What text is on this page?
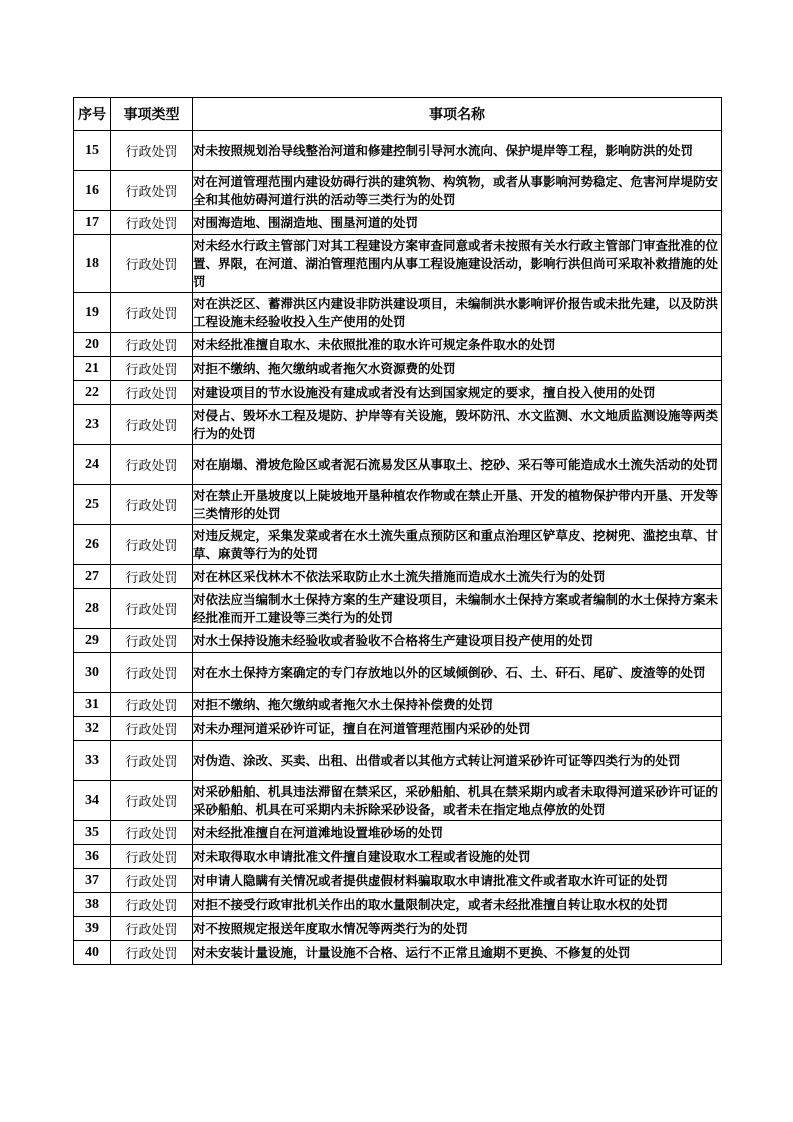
序号	事项类型	事项名称
15	行政处罚	对未按照规划治导线整治河道和修建控制引导河水流向、保护堤岸等工程，影响防洪的处罚
16	行政处罚	对在河道管理范围内建设妨碍行洪的建筑物、构筑物，或者从事影响河势稳定、危害河岸堤防安全和其他妨碍河道行洪的活动等三类行为的处罚
17	行政处罚	对围海造地、围湖造地、围垦河道的处罚
18	行政处罚	对未经水行政主管部门对其工程建设方案审查同意或者未按照有关水行政主管部门审查批准的位置、界限，在河道、湖泊管理范围内从事工程设施建设活动，影响行洪但尚可采取补救措施的处罚
19	行政处罚	对在洪泛区、蓄滞洪区内建设非防洪建设项目，未编制洪水影响评价报告或未批先建，以及防洪工程设施未经验收投入生产使用的处罚
20	行政处罚	对未经批准擅自取水、未依照批准的取水许可规定条件取水的处罚
21	行政处罚	对拒不缴纳、拖欠缴纳或者拖欠水资源费的处罚
22	行政处罚	对建设项目的节水设施没有建成或者没有达到国家规定的要求，擅自投入使用的处罚
23	行政处罚	对侵占、毁坏水工程及堤防、护岸等有关设施，毁坏防汛、水文监测、水文地质监测设施等两类行为的处罚
24	行政处罚	对在崩塌、滑坡危险区或者泥石流易发区从事取土、挖砂、采石等可能造成水土流失活动的处罚
25	行政处罚	对在禁止开垦坡度以上陡坡地开垦种植农作物或在禁止开垦、开发的植物保护带内开垦、开发等三类情形的处罚
26	行政处罚	对违反规定，采集发菜或者在水土流失重点预防区和重点治理区铲草皮、挖树兜、滥挖虫草、甘草、麻黄等行为的处罚
27	行政处罚	对在林区采伐林木不依法采取防止水土流失措施而造成水土流失行为的处罚
28	行政处罚	对依法应当编制水土保持方案的生产建设项目，未编制水土保持方案或者编制的水土保持方案未经批准而开工建设等三类行为的处罚
29	行政处罚	对水土保持设施未经验收或者验收不合格将生产建设项目投产使用的处罚
30	行政处罚	对在水土保持方案确定的专门存放地以外的区域倾倒砂、石、土、矸石、尾矿、废渣等的处罚
31	行政处罚	对拒不缴纳、拖欠缴纳或者拖欠水土保持补偿费的处罚
32	行政处罚	对未办理河道采砂许可证，擅自在河道管理范围内采砂的处罚
33	行政处罚	对伪造、涂改、买卖、出租、出借或者以其他方式转让河道采砂许可证等四类行为的处罚
34	行政处罚	对采砂船舶、机具违法滞留在禁采区，采砂船舶、机具在禁采期内或者未取得河道采砂许可证的采砂船舶、机具在可采期内未拆除采砂设备，或者未在指定地点停放的处罚
35	行政处罚	对未经批准擅自在河道滩地设置堆砂场的处罚
36	行政处罚	对未取得取水申请批准文件擅自建设取水工程或者设施的处罚
37	行政处罚	对申请人隐瞒有关情况或者提供虚假材料骗取取水申请批准文件或者取水许可证的处罚
38	行政处罚	对拒不接受行政审批机关作出的取水量限制决定，或者未经批准擅自转让取水权的处罚
39	行政处罚	对不按照规定报送年度取水情况等两类行为的处罚
40	行政处罚	对未安装计量设施，计量设施不合格、运行不正常且逾期不更换、不修复的处罚
